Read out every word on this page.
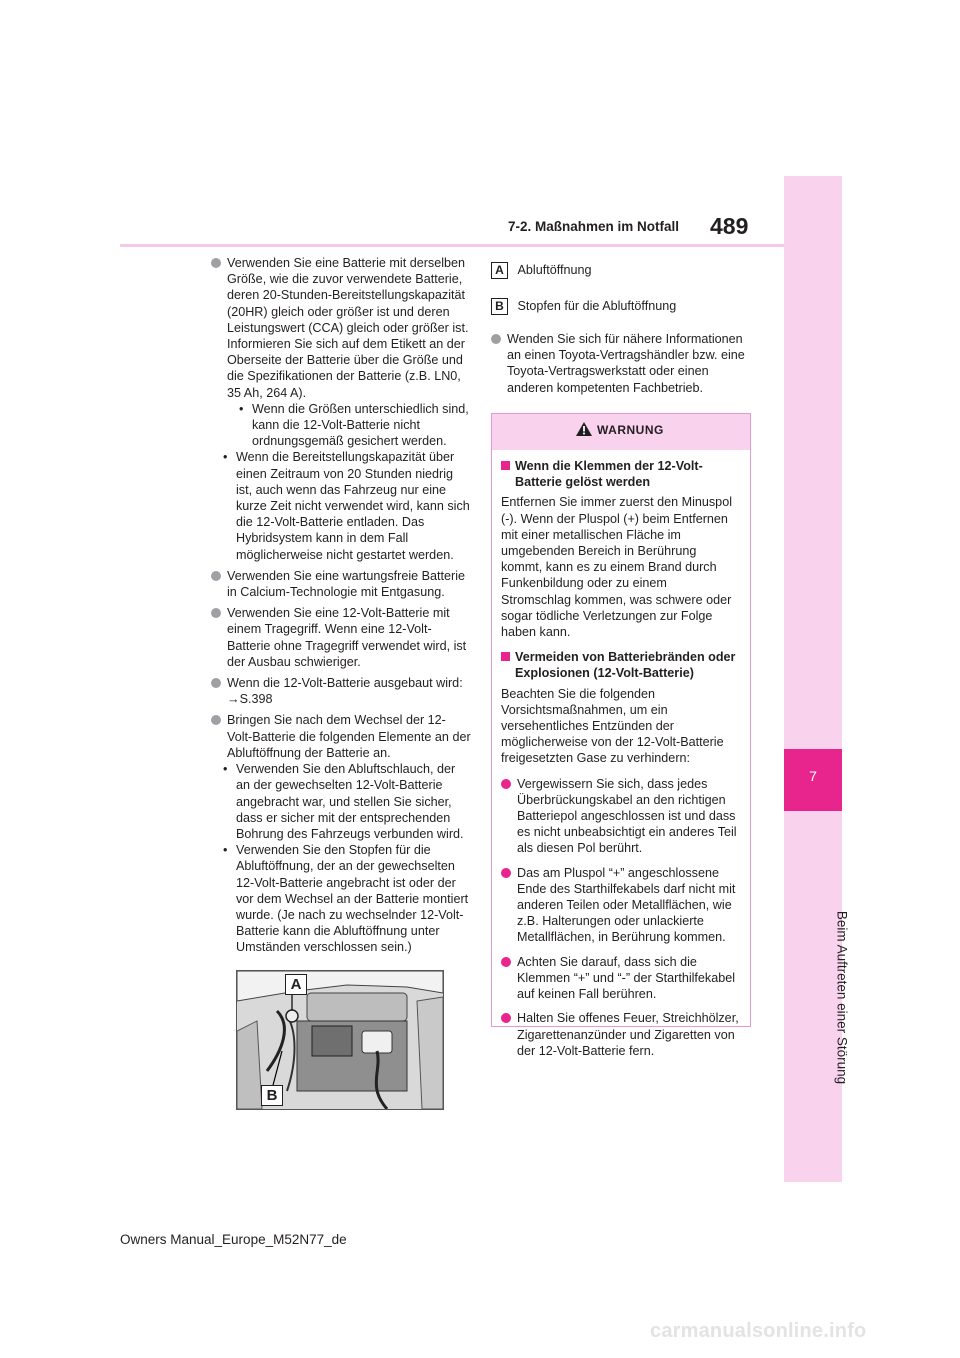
7
Beim Auftreten einer Störung
7-2. Maßnahmen im Notfall 489
Verwenden Sie eine Batterie mit derselben Größe, wie die zuvor verwendete Batterie, deren 20-Stunden-Bereitstellungskapazität (20HR) gleich oder größer ist und deren Leistungswert (CCA) gleich oder größer ist. Informieren Sie sich auf dem Etikett an der Oberseite der Batterie über die Größe und die Spezifikationen der Batterie (z.B. LN0, 35 Ah, 264 A).
• Wenn die Größen unterschiedlich sind, kann die 12-Volt-Batterie nicht ordnungsgemäß gesichert werden.
• Wenn die Bereitstellungskapazität über einen Zeitraum von 20 Stunden niedrig ist, auch wenn das Fahrzeug nur eine kurze Zeit nicht verwendet wird, kann sich die 12-Volt-Batterie entladen. Das Hybridsystem kann in dem Fall möglicherweise nicht gestartet werden.
Verwenden Sie eine wartungsfreie Batterie in Calcium-Technologie mit Entgasung.
Verwenden Sie eine 12-Volt-Batterie mit einem Tragegriff. Wenn eine 12-Volt-Batterie ohne Tragegriff verwendet wird, ist der Ausbau schwieriger.
Wenn die 12-Volt-Batterie ausgebaut wird: →S.398
Bringen Sie nach dem Wechsel der 12-Volt-Batterie die folgenden Elemente an der Abluftöffnung der Batterie an.
• Verwenden Sie den Abluftschlauch, der an der gewechselten 12-Volt-Batterie angebracht war, und stellen Sie sicher, dass er sicher mit der entsprechenden Bohrung des Fahrzeugs verbunden wird.
• Verwenden Sie den Stopfen für die Abluftöffnung, der an der gewechselten 12-Volt-Batterie angebracht ist oder der vor dem Wechsel an der Batterie montiert wurde. (Je nach zu wechselnder 12-Volt-Batterie kann die Abluftöffnung unter Umständen verschlossen sein.)
A
B
A Abluftöffnung
B Stopfen für die Abluftöffnung
Wenden Sie sich für nähere Informationen an einen Toyota-Vertragshändler bzw. eine Toyota-Vertragswerkstatt oder einen anderen kompetenten Fachbetrieb.
WARNUNG
Wenn die Klemmen der 12-Volt-Batterie gelöst werden
Entfernen Sie immer zuerst den Minuspol (-). Wenn der Pluspol (+) beim Entfernen mit einer metallischen Fläche im umgebenden Bereich in Berührung kommt, kann es zu einem Brand durch Funkenbildung oder zu einem Stromschlag kommen, was schwere oder sogar tödliche Verletzungen zur Folge haben kann.
Vermeiden von Batteriebränden oder Explosionen (12-Volt-Batterie)
Beachten Sie die folgenden Vorsichtsmaßnahmen, um ein versehentliches Entzünden der möglicherweise von der 12-Volt-Batterie freigesetzten Gase zu verhindern:
Vergewissern Sie sich, dass jedes Überbrückungskabel an den richtigen Batteriepol angeschlossen ist und dass es nicht unbeabsichtigt ein anderes Teil als diesen Pol berührt.
Das am Pluspol “+” angeschlossene Ende des Starthilfekabels darf nicht mit anderen Teilen oder Metallflächen, wie z.B. Halterungen oder unlackierte Metallflächen, in Berührung kommen.
Achten Sie darauf, dass sich die Klemmen “+” und “-” der Starthilfekabel auf keinen Fall berühren.
Halten Sie offenes Feuer, Streichhölzer, Zigarettenanzünder und Zigaretten von der 12-Volt-Batterie fern.
Owners Manual_Europe_M52N77_de
carmanualsonline.info
